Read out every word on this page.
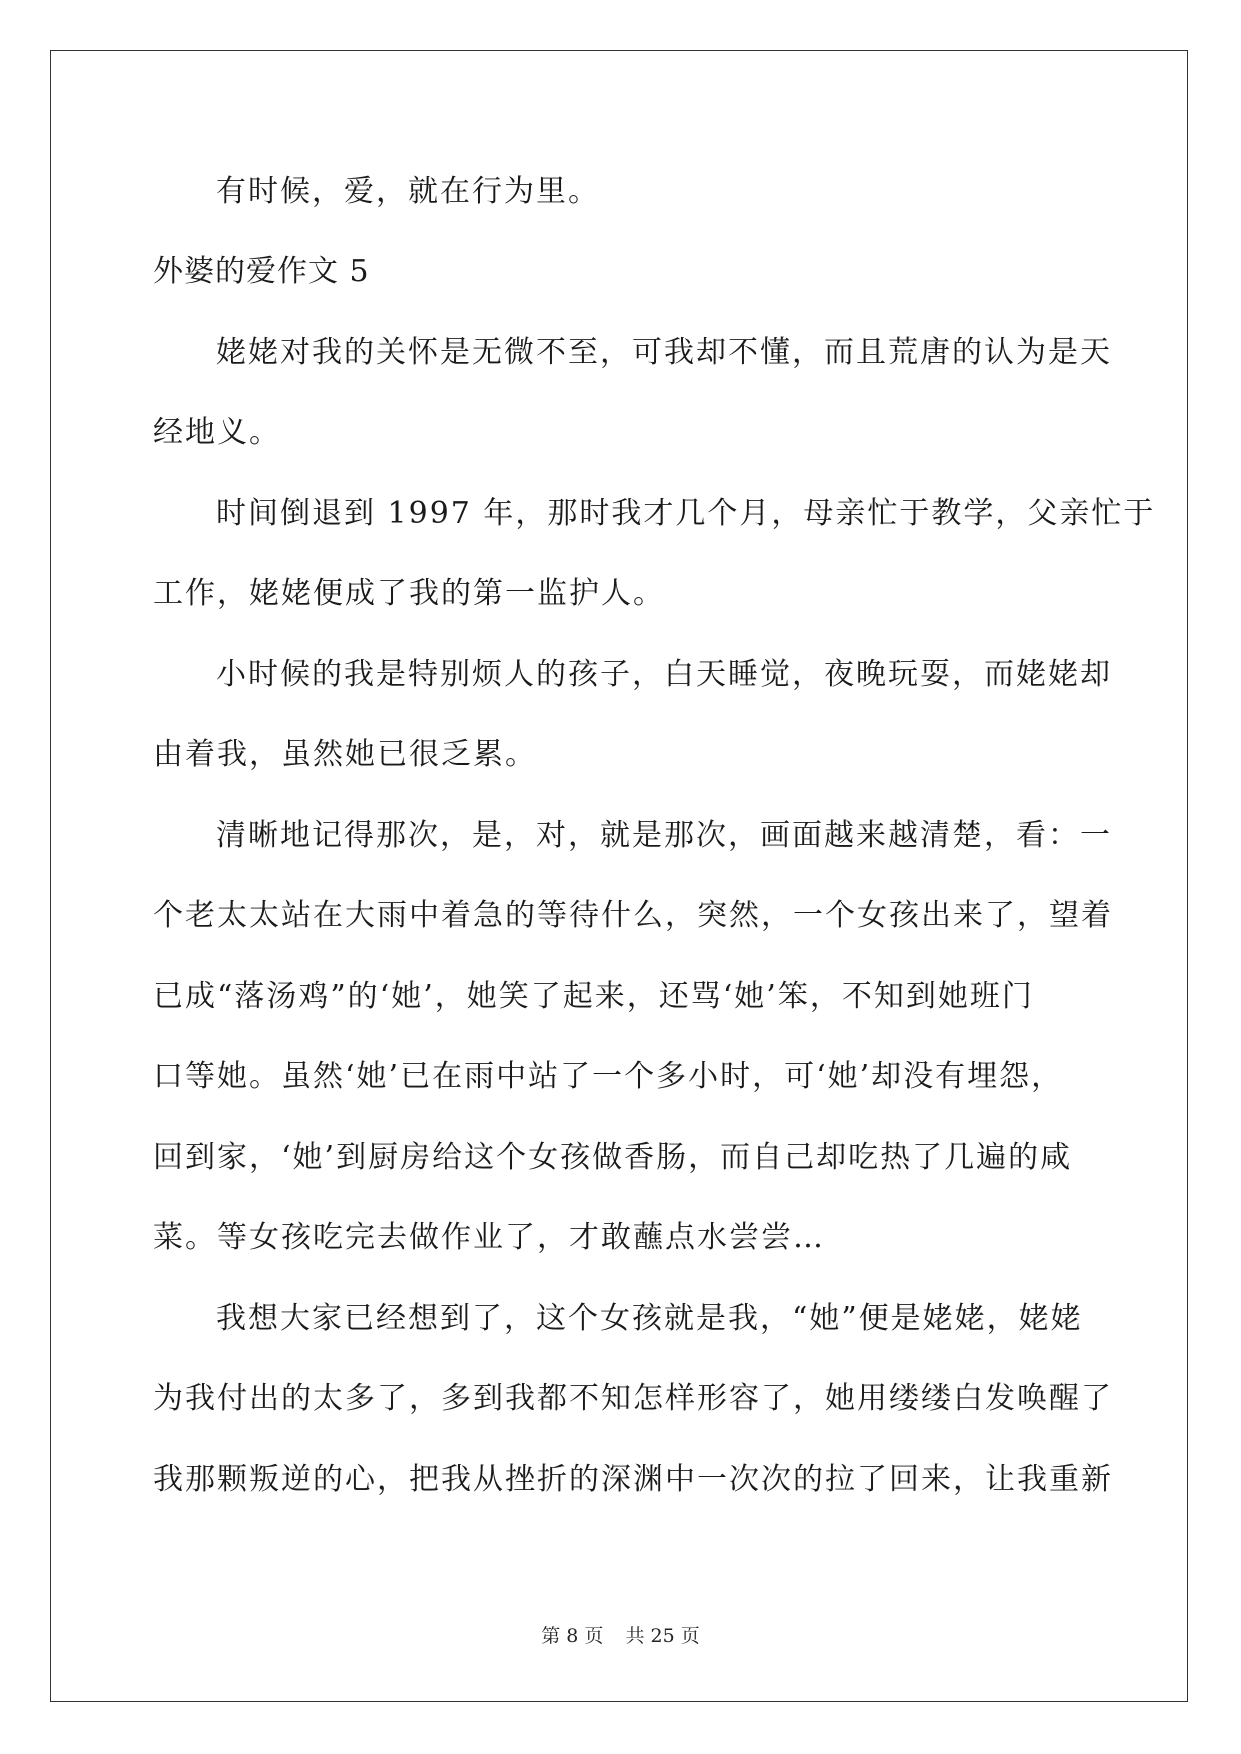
有时候，爱，就在行为里。
外婆的爱作文 5
姥姥对我的关怀是无微不至，可我却不懂，而且荒唐的认为是天
经地义。
时间倒退到 1997 年，那时我才几个月，母亲忙于教学，父亲忙于
工作，姥姥便成了我的第一监护人。
小时候的我是特别烦人的孩子，白天睡觉，夜晚玩耍，而姥姥却
由着我，虽然她已很乏累。
清晰地记得那次，是，对，就是那次，画面越来越清楚，看：一
个老太太站在大雨中着急的等待什么，突然，一个女孩出来了，望着
已成“落汤鸡”的‘她’，她笑了起来，还骂‘她’笨，不知到她班门
口等她。虽然‘她’已在雨中站了一个多小时，可‘她’却没有埋怨，
回到家，‘她’到厨房给这个女孩做香肠，而自己却吃热了几遍的咸
菜。等女孩吃完去做作业了，才敢蘸点水尝尝…
我想大家已经想到了，这个女孩就是我，“她”便是姥姥，姥姥
为我付出的太多了，多到我都不知怎样形容了，她用缕缕白发唤醒了
我那颗叛逆的心，把我从挫折的深渊中一次次的拉了回来，让我重新
第 8 页 共 25 页
